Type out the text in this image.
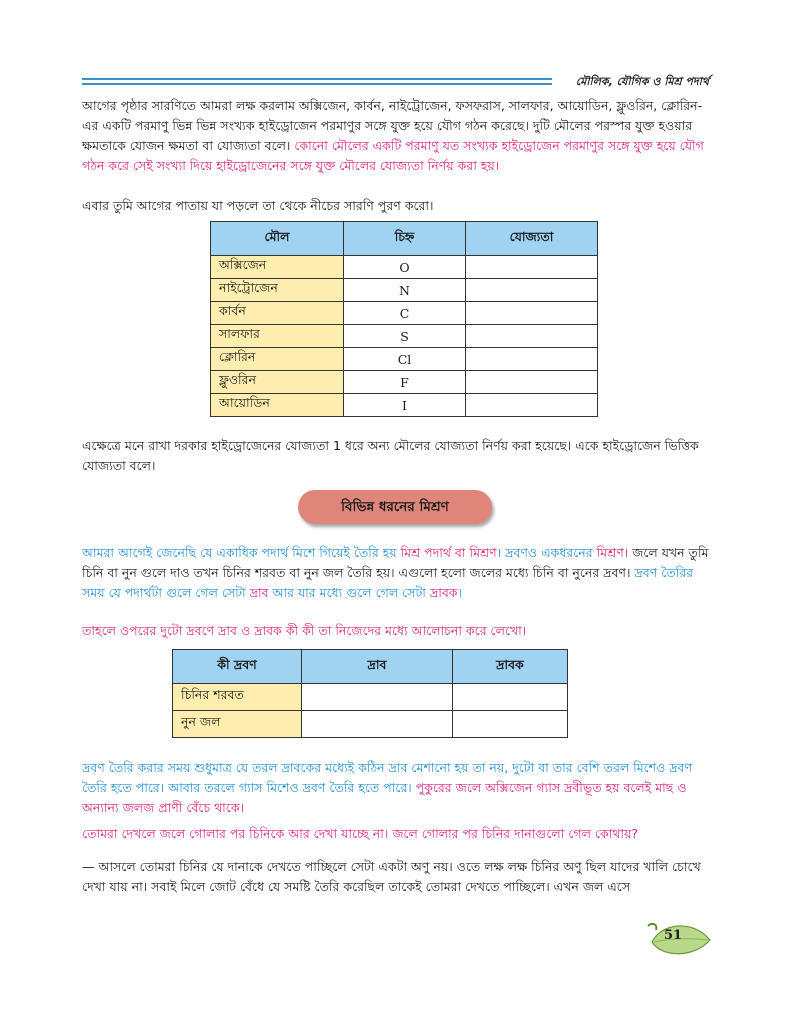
মৌলিক, যৌগিক ও মিশ্র পদার্থ

আগের পৃষ্ঠার সারণিতে আমরা লক্ষ করলাম অক্সিজেন, কার্বন, নাইট্রোজেন, ফসফরাস, সালফার, আয়োডিন, ফ্লুওরিন, ক্লোরিন-এর একটি পরমাণু ভিন্ন ভিন্ন সংখ্যক হাইড্রোজেন পরমাণুর সঙ্গে যুক্ত হয়ে যৌগ গঠন করেছে। দুটি মৌলের পরস্পর যুক্ত হওয়ার ক্ষমতাকে যোজন ক্ষমতা বা যোজ্যতা বলে। কোনো মৌলের একটি পরমাণু যত সংখ্যক হাইড্রোজেন পরমাণুর সঙ্গে যুক্ত হয়ে যৌগ গঠন করে সেই সংখ্যা দিয়ে হাইড্রোজেনের সঙ্গে যুক্ত মৌলের যোজ্যতা নির্ণয় করা হয়।

এবার তুমি আগের পাতায় যা পড়লে তা থেকে নীচের সারণি পুরণ করো।

মৌল	চিহ্ন	যোজ্যতা
অক্সিজেন	O	
নাইট্রোজেন	N	
কার্বন	C	
সালফার	S	
ক্লোরিন	Cl	
ফ্লুওরিন	F	
আয়োডিন	I	

এক্ষেত্রে মনে রাখা দরকার হাইড্রোজেনের যোজ্যতা 1 ধরে অন্য মৌলের যোজ্যতা নির্ণয় করা হয়েছে। একে হাইড্রোজেন ভিত্তিক যোজ্যতা বলে।

বিভিন্ন ধরনের মিশ্রণ

আমরা আগেই জেনেছি যে একাধিক পদার্থ মিশে গিয়েই তৈরি হয় মিশ্র পদার্থ বা মিশ্রণ। দ্রবণও একধরনের মিশ্রণ। জলে যখন তুমি চিনি বা নুন গুলে দাও তখন চিনির শরবত বা নুন জল তৈরি হয়। এগুলো হলো জলের মধ্যে চিনি বা নুনের দ্রবণ। দ্রবণ তৈরির সময় যে পদার্থটা গুলে গেল সেটা দ্রাব আর যার মধ্যে গুলে গেল সেটা দ্রাবক।

তাহলে ওপরের দুটো দ্রবণে দ্রাব ও দ্রাবক কী কী তা নিজেদের মধ্যে আলোচনা করে লেখো।

কী দ্রবণ	দ্রাব	দ্রাবক
চিনির শরবত		
নুন জল		

দ্রবণ তৈরি করার সময় শুধুমাত্র যে তরল দ্রাবকের মধ্যেই কঠিন দ্রাব মেশানো হয় তা নয়, দুটো বা তার বেশি তরল মিশেও দ্রবণ তৈরি হতে পারে। আবার তরলে গ্যাস মিশেও দ্রবণ তৈরি হতে পারে। পুকুরের জলে অক্সিজেন গ্যাস দ্রবীভূত হয় বলেই মাছ ও অন্যান্য জলজ প্রাণী বেঁচে থাকে।

তোমরা দেখলে জলে গোলার পর চিনিকে আর দেখা যাচ্ছে না। জলে গোলার পর চিনির দানাগুলো গেল কোথায়?

— আসলে তোমরা চিনির যে দানাকে দেখতে পাচ্ছিলে সেটা একটা অণু নয়। ওতে লক্ষ লক্ষ চিনির অণু ছিল যাদের খালি চোখে দেখা যায় না। সবাই মিলে জোট বেঁধে যে সমষ্টি তৈরি করেছিল তাকেই তোমরা দেখতে পাচ্ছিলে। এখন জল এসে

51
